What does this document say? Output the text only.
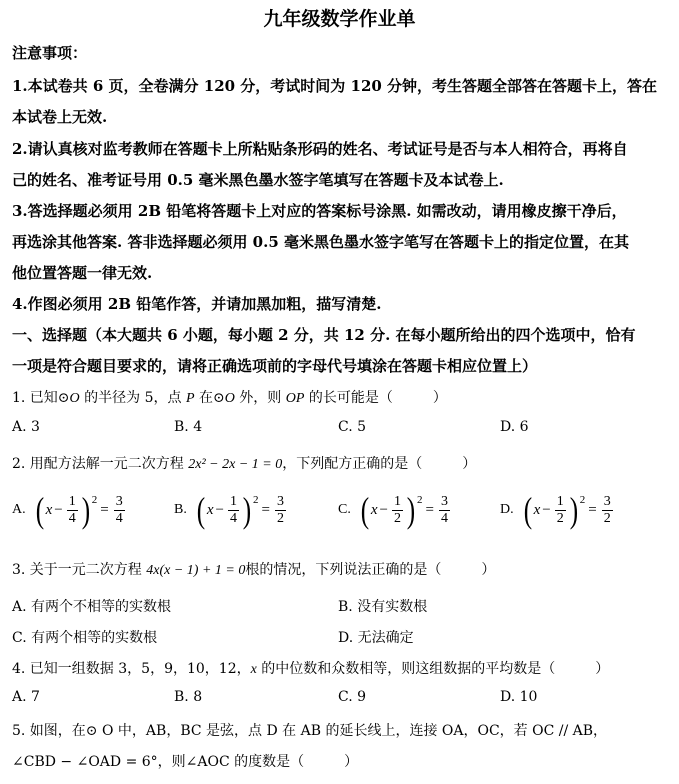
九年级数学作业单
注意事项：
1.本试卷共 6 页，全卷满分 120 分，考试时间为 120 分钟，考生答题全部答在答题卡上，答在
本试卷上无效.
2.请认真核对监考教师在答题卡上所粘贴条形码的姓名、考试证号是否与本人相符合，再将自
己的姓名、准考证号用 0.5 毫米黑色墨水签字笔填写在答题卡及本试卷上.
3.答选择题必须用 2B 铅笔将答题卡上对应的答案标号涂黑. 如需改动，请用橡皮擦干净后，
再选涂其他答案. 答非选择题必须用 0.5 毫米黑色墨水签字笔写在答题卡上的指定位置，在其
他位置答题一律无效.
4.作图必须用 2B 铅笔作答，并请加黑加粗，描写清楚.
一、选择题（本大题共 6 小题，每小题 2 分，共 12 分. 在每小题所给出的四个选项中，恰有
一项是符合题目要求的，请将正确选项前的字母代号填涂在答题卡相应位置上）
1. 已知⊙O 的半径为 5，点 P 在⊙O 外，则 OP 的长可能是（	）
A. 3	B. 4	C. 5	D. 6
2. 用配方法解一元二次方程 2x² − 2x − 1 = 0，下列配方正确的是（	）
A. ( $x - \frac{1}{4}$ ) 2
= $\frac{3}{4}$	B. ( $x - \frac{1}{4}$ ) 2
= $\frac{3}{2}$	C. ( $x - \frac{1}{2}$ ) 2
= $\frac{3}{4}$	D. ( $x - \frac{1}{2}$ ) 2
= $\frac{3}{2}$
3. 关于一元二次方程 4x(x − 1) + 1 = 0根的情况，下列说法正确的是（	）
A. 有两个不相等的实数根	B. 没有实数根
C. 有两个相等的实数根	D. 无法确定
4. 已知一组数据 3，5，9，10，12，x 的中位数和众数相等，则这组数据的平均数是（	）
A. 7	B. 8	C. 9	D. 10
5. 如图，在⊙ O 中，AB，BC 是弦，点 D 在 AB 的延长线上，连接 OA，OC，若 OC // AB，
∠CBD − ∠OAD = 6°，则∠AOC 的度数是（	）
